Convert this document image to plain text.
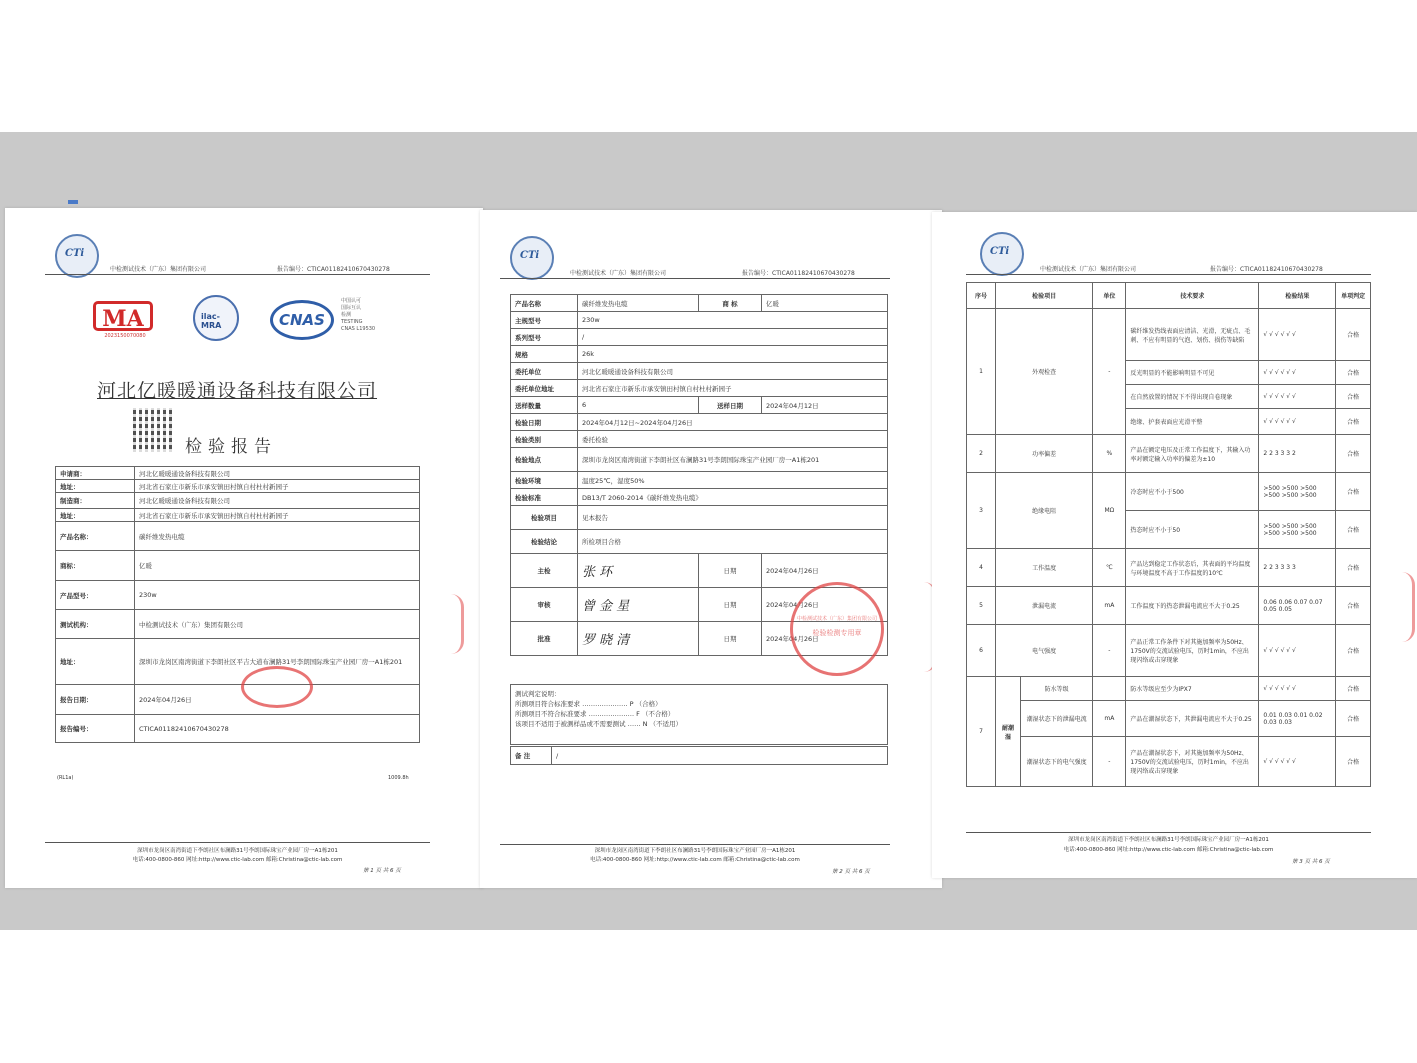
CTi
中检测试技术（广东）集团有限公司	报告编号：CTICA01182410670430278
MA
2023150070080
ilac-MRA	CNAS
中国认可
国际互认
检测
TESTING
CNAS L19530
河北亿暖暖通设备科技有限公司
检验报告
申请商：	河北亿暖暖通设备科技有限公司
地址：	河北省石家庄市新乐市承安镇田村镇自村杜村新园子
制造商：	河北亿暖暖通设备科技有限公司
地址：	河北省石家庄市新乐市承安镇田村镇自村杜村新园子
产品名称：	碳纤维发热电缆
商标：	亿暖
产品型号：	230w
测试机构：	中检测试技术（广东）集团有限公司
地址：	深圳市龙岗区南湾街道下李朗社区平吉大道布澜路31号李朗国际珠宝产业园厂房一A1栋201
报告日期：	2024年04月26日
报告编号：	CTICA01182410670430278
(RL1a)	1009.8h
深圳市龙岗区南湾街道下李朗社区布澜路31号李朗国际珠宝产业园厂房一A1栋201
电话:400-0800-860 网址:http://www.ctic-lab.com 邮箱:Christina@ctic-lab.com
第 1 页 共 6 页
CTi
中检测试技术（广东）集团有限公司	报告编号：CTICA01182410670430278
产品名称	碳纤维发热电缆	商 标	亿暖
主规型号	230w		
系列型号	/		
规格	26k		
委托单位	河北亿暖暖通设备科技有限公司		
委托单位地址	河北省石家庄市新乐市承安镇田村镇自村杜村新园子		
送样数量	6	送样日期	2024年04月12日
检验日期	2024年04月12日~2024年04月26日		
检验类别	委托检验		
检验地点	深圳市龙岗区南湾街道下李朗社区布澜路31号李朗国际珠宝产业园厂房一A1栋201		
检验环境	温度25℃，湿度50%		
检验标准	DB13/T 2060-2014《碳纤维发热电缆》		
检验项目	见本报告		
检验结论	所检项目合格		
主检	张 环	日期	2024年04月26日
审核	曾 金 星	日期	2024年04月26日
批准	罗 晓 清	日期	2024年04月26日
中检测试技术（广东）集团有限公司
检验检测专用章
测试判定说明：
所测项目符合标准要求 ………………… P （合格）
所测项目不符合标准要求 ………………… F （不合格）
该项目不适用于被测样品或不需要测试 …… N （不适用）
备 注	/
深圳市龙岗区南湾街道下李朗社区布澜路31号李朗国际珠宝产业园厂房一A1栋201
电话:400-0800-860 网址:http://www.ctic-lab.com 邮箱:Christina@ctic-lab.com
第 2 页 共 6 页
CTi
中检测试技术（广东）集团有限公司	报告编号：CTICA01182410670430278
序号	检验项目		单位	技术要求	检验结果	单项判定
1	外观检查		-	碳纤维发热线表面应清洁、光滑，无疵点、毛刺、不应有明显的气泡、划伤、损伤等缺陷	√ √ √ √ √ √	合格
				反光明显的不能影响明显不可见	√ √ √ √ √ √	合格
				在自然放置的情况下不得出现自卷现象	√ √ √ √ √ √	合格
				绝缘、护套表面应光滑平整	√ √ √ √ √ √	合格
2	功率偏差		%	产品在额定电压及正常工作温度下，其输入功率对额定输入功率的偏差为±10	2 2 3 3 3 2	合格
3	绝缘电阻		MΩ	冷态时应不小于500	>500 >500 >500 >500 >500 >500	合格
				热态时应不小于50	>500 >500 >500 >500 >500 >500	合格
4	工作温度		℃	产品达到稳定工作状态后，其表面的平均温度与环境温度不高于工作温度的10℃	2 2 3 3 3 3	合格
5	泄漏电流		mA	工作温度下的热态泄漏电流应不大于0.25	0.06 0.06 0.07 0.07 0.05 0.05	合格
6	电气强度		-	产品正常工作条件下对其施加频率为50Hz、1750V的交流试验电压，历时1min，不应出现闪络或击穿现象	√ √ √ √ √ √	合格
7	耐潮湿	防水等级		防水等级应至少为IPX7	√ √ √ √ √ √	合格
		潮湿状态下的泄漏电流	mA	产品在潮湿状态下，其泄漏电流应不大于0.25	0.01 0.03 0.01 0.02 0.03 0.03	合格
		潮湿状态下的电气强度	-	产品在潮湿状态下，对其施加频率为50Hz、1750V的交流试验电压，历时1min，不应出现闪络或击穿现象	√ √ √ √ √ √	合格
深圳市龙岗区南湾街道下李朗社区布澜路31号李朗国际珠宝产业园厂房一A1栋201
电话:400-0800-860 网址:http://www.ctic-lab.com 邮箱:Christina@ctic-lab.com
第 3 页 共 6 页
